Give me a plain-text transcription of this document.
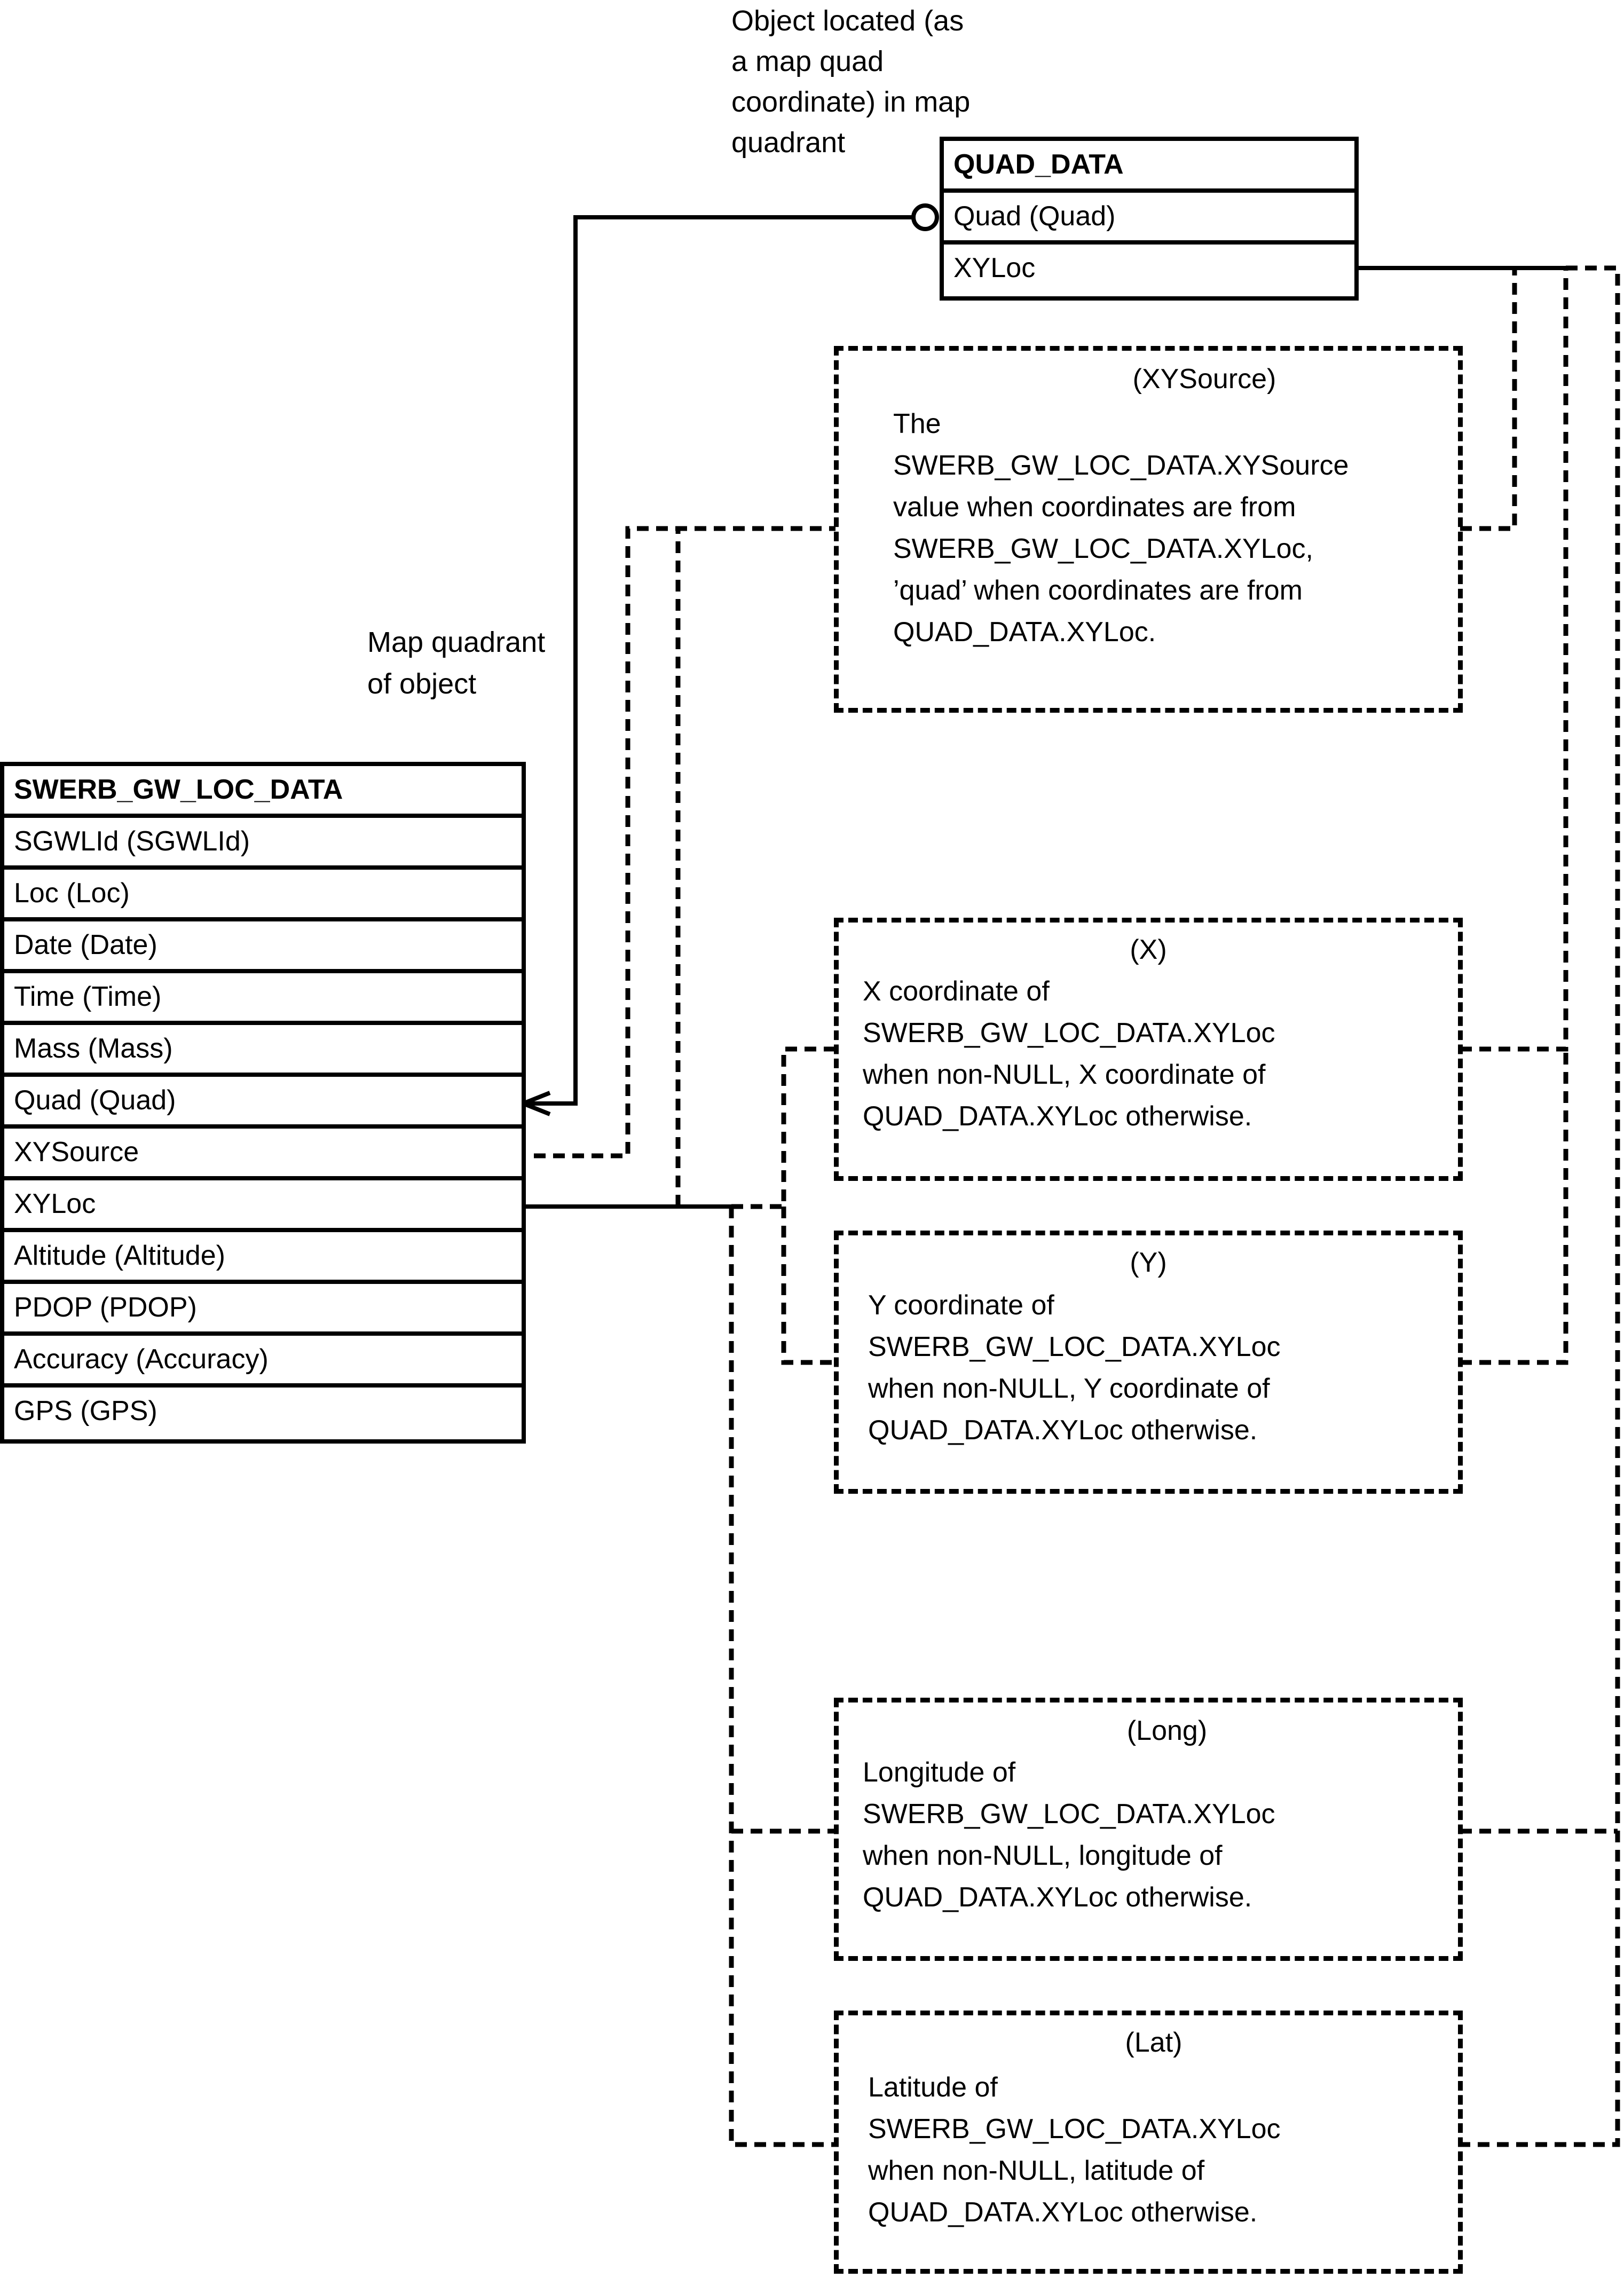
Object located (as
a map quad
coordinate) in map
quadrant
Map quadrant
of object
QUAD_DATA
Quad (Quad)
XYLoc
SWERB_GW_LOC_DATA
SGWLId (SGWLId)
Loc (Loc)
Date (Date)
Time (Time)
Mass (Mass)
Quad (Quad)
XYSource
XYLoc
Altitude (Altitude)
PDOP (PDOP)
Accuracy (Accuracy)
GPS (GPS)
(XYSource)
The
SWERB_GW_LOC_DATA.XYSource
value when coordinates are from
SWERB_GW_LOC_DATA.XYLoc,
’quad’ when coordinates are from
QUAD_DATA.XYLoc.
(X)
X coordinate of
SWERB_GW_LOC_DATA.XYLoc
when non-NULL, X coordinate of
QUAD_DATA.XYLoc otherwise.
(Y)
Y coordinate of
SWERB_GW_LOC_DATA.XYLoc
when non-NULL, Y coordinate of
QUAD_DATA.XYLoc otherwise.
(Long)
Longitude of
SWERB_GW_LOC_DATA.XYLoc
when non-NULL, longitude of
QUAD_DATA.XYLoc otherwise.
(Lat)
Latitude of
SWERB_GW_LOC_DATA.XYLoc
when non-NULL, latitude of
QUAD_DATA.XYLoc otherwise.
